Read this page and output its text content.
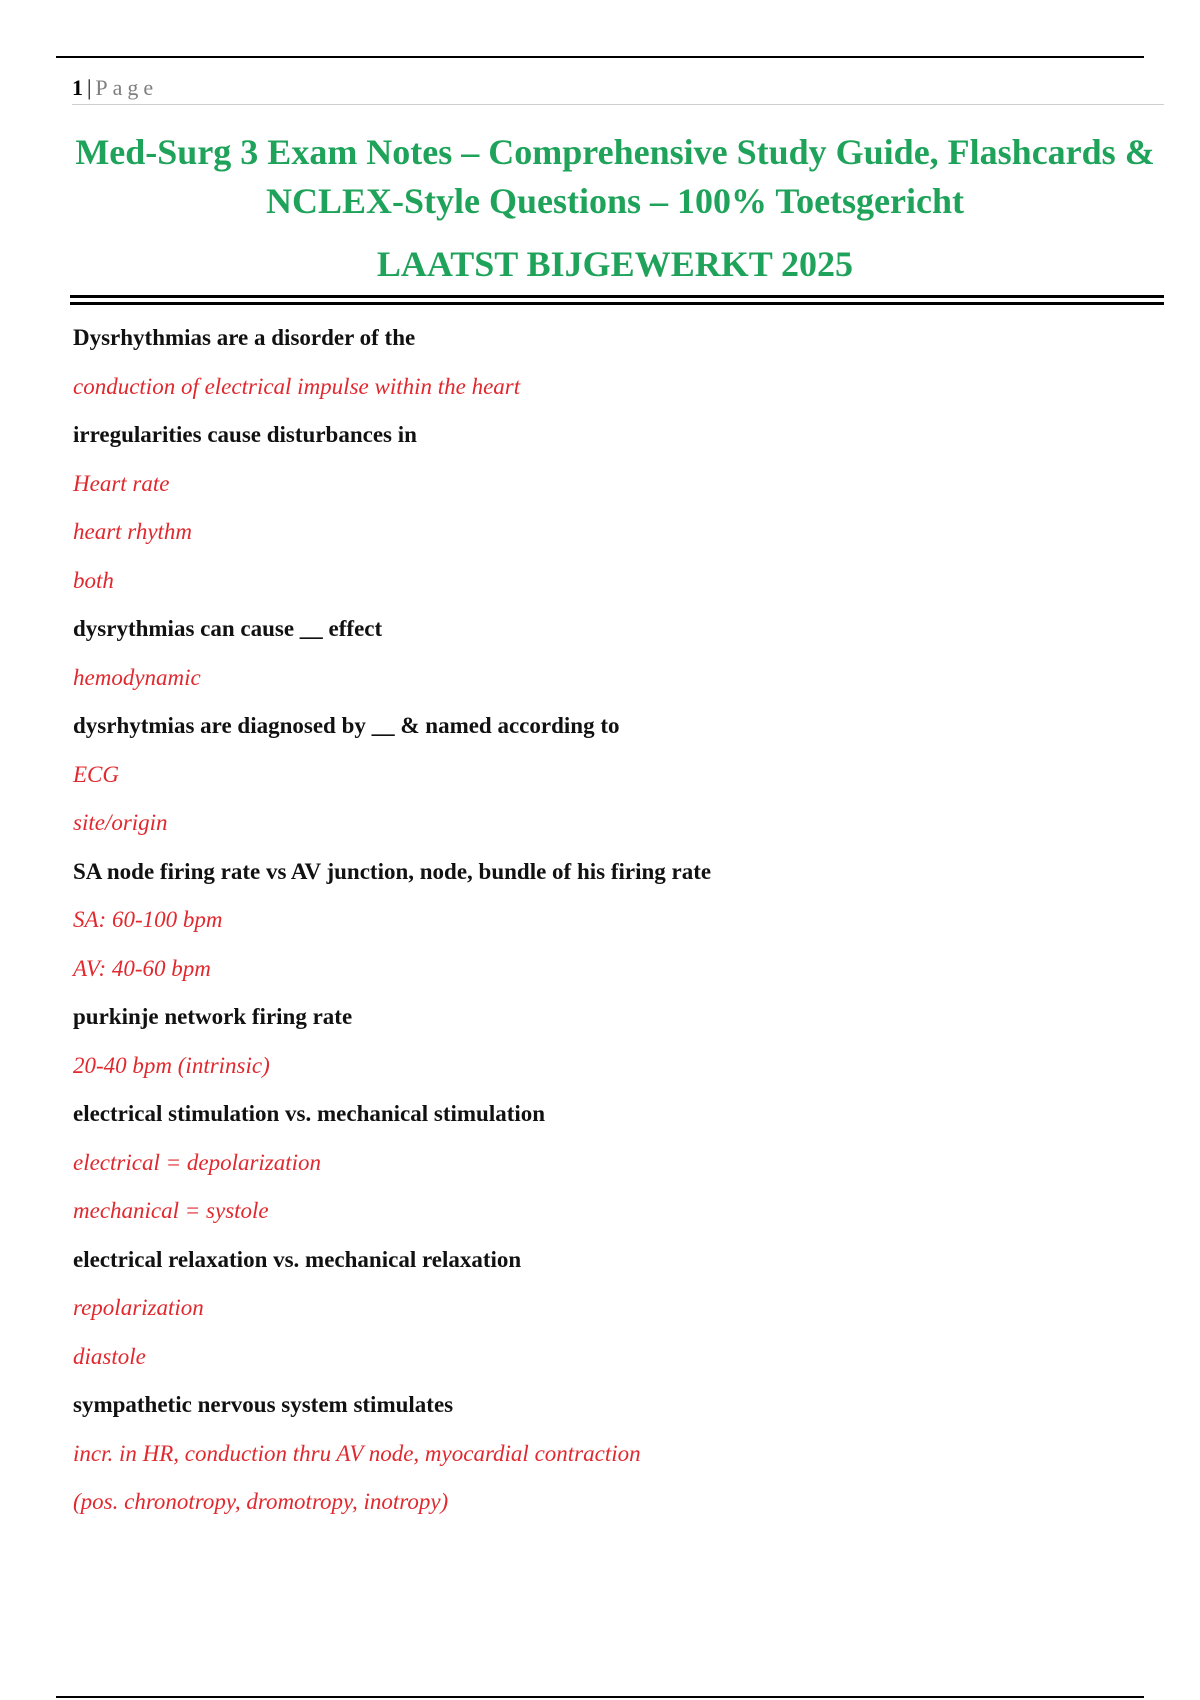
1 | Page
Med-Surg 3 Exam Notes – Comprehensive Study Guide, Flashcards & NCLEX-Style Questions – 100% Toetsgericht
LAATST BIJGEWERKT 2025
Dysrhythmias are a disorder of the
conduction of electrical impulse within the heart
irregularities cause disturbances in
Heart rate
heart rhythm
both
dysrythmias can cause __ effect
hemodynamic
dysrhytmias are diagnosed by __ & named according to
ECG
site/origin
SA node firing rate vs AV junction, node, bundle of his firing rate
SA: 60-100 bpm
AV: 40-60 bpm
purkinje network firing rate
20-40 bpm (intrinsic)
electrical stimulation vs. mechanical stimulation
electrical = depolarization
mechanical = systole
electrical relaxation vs. mechanical relaxation
repolarization
diastole
sympathetic nervous system stimulates
incr. in HR, conduction thru AV node, myocardial contraction
(pos. chronotropy, dromotropy, inotropy)
